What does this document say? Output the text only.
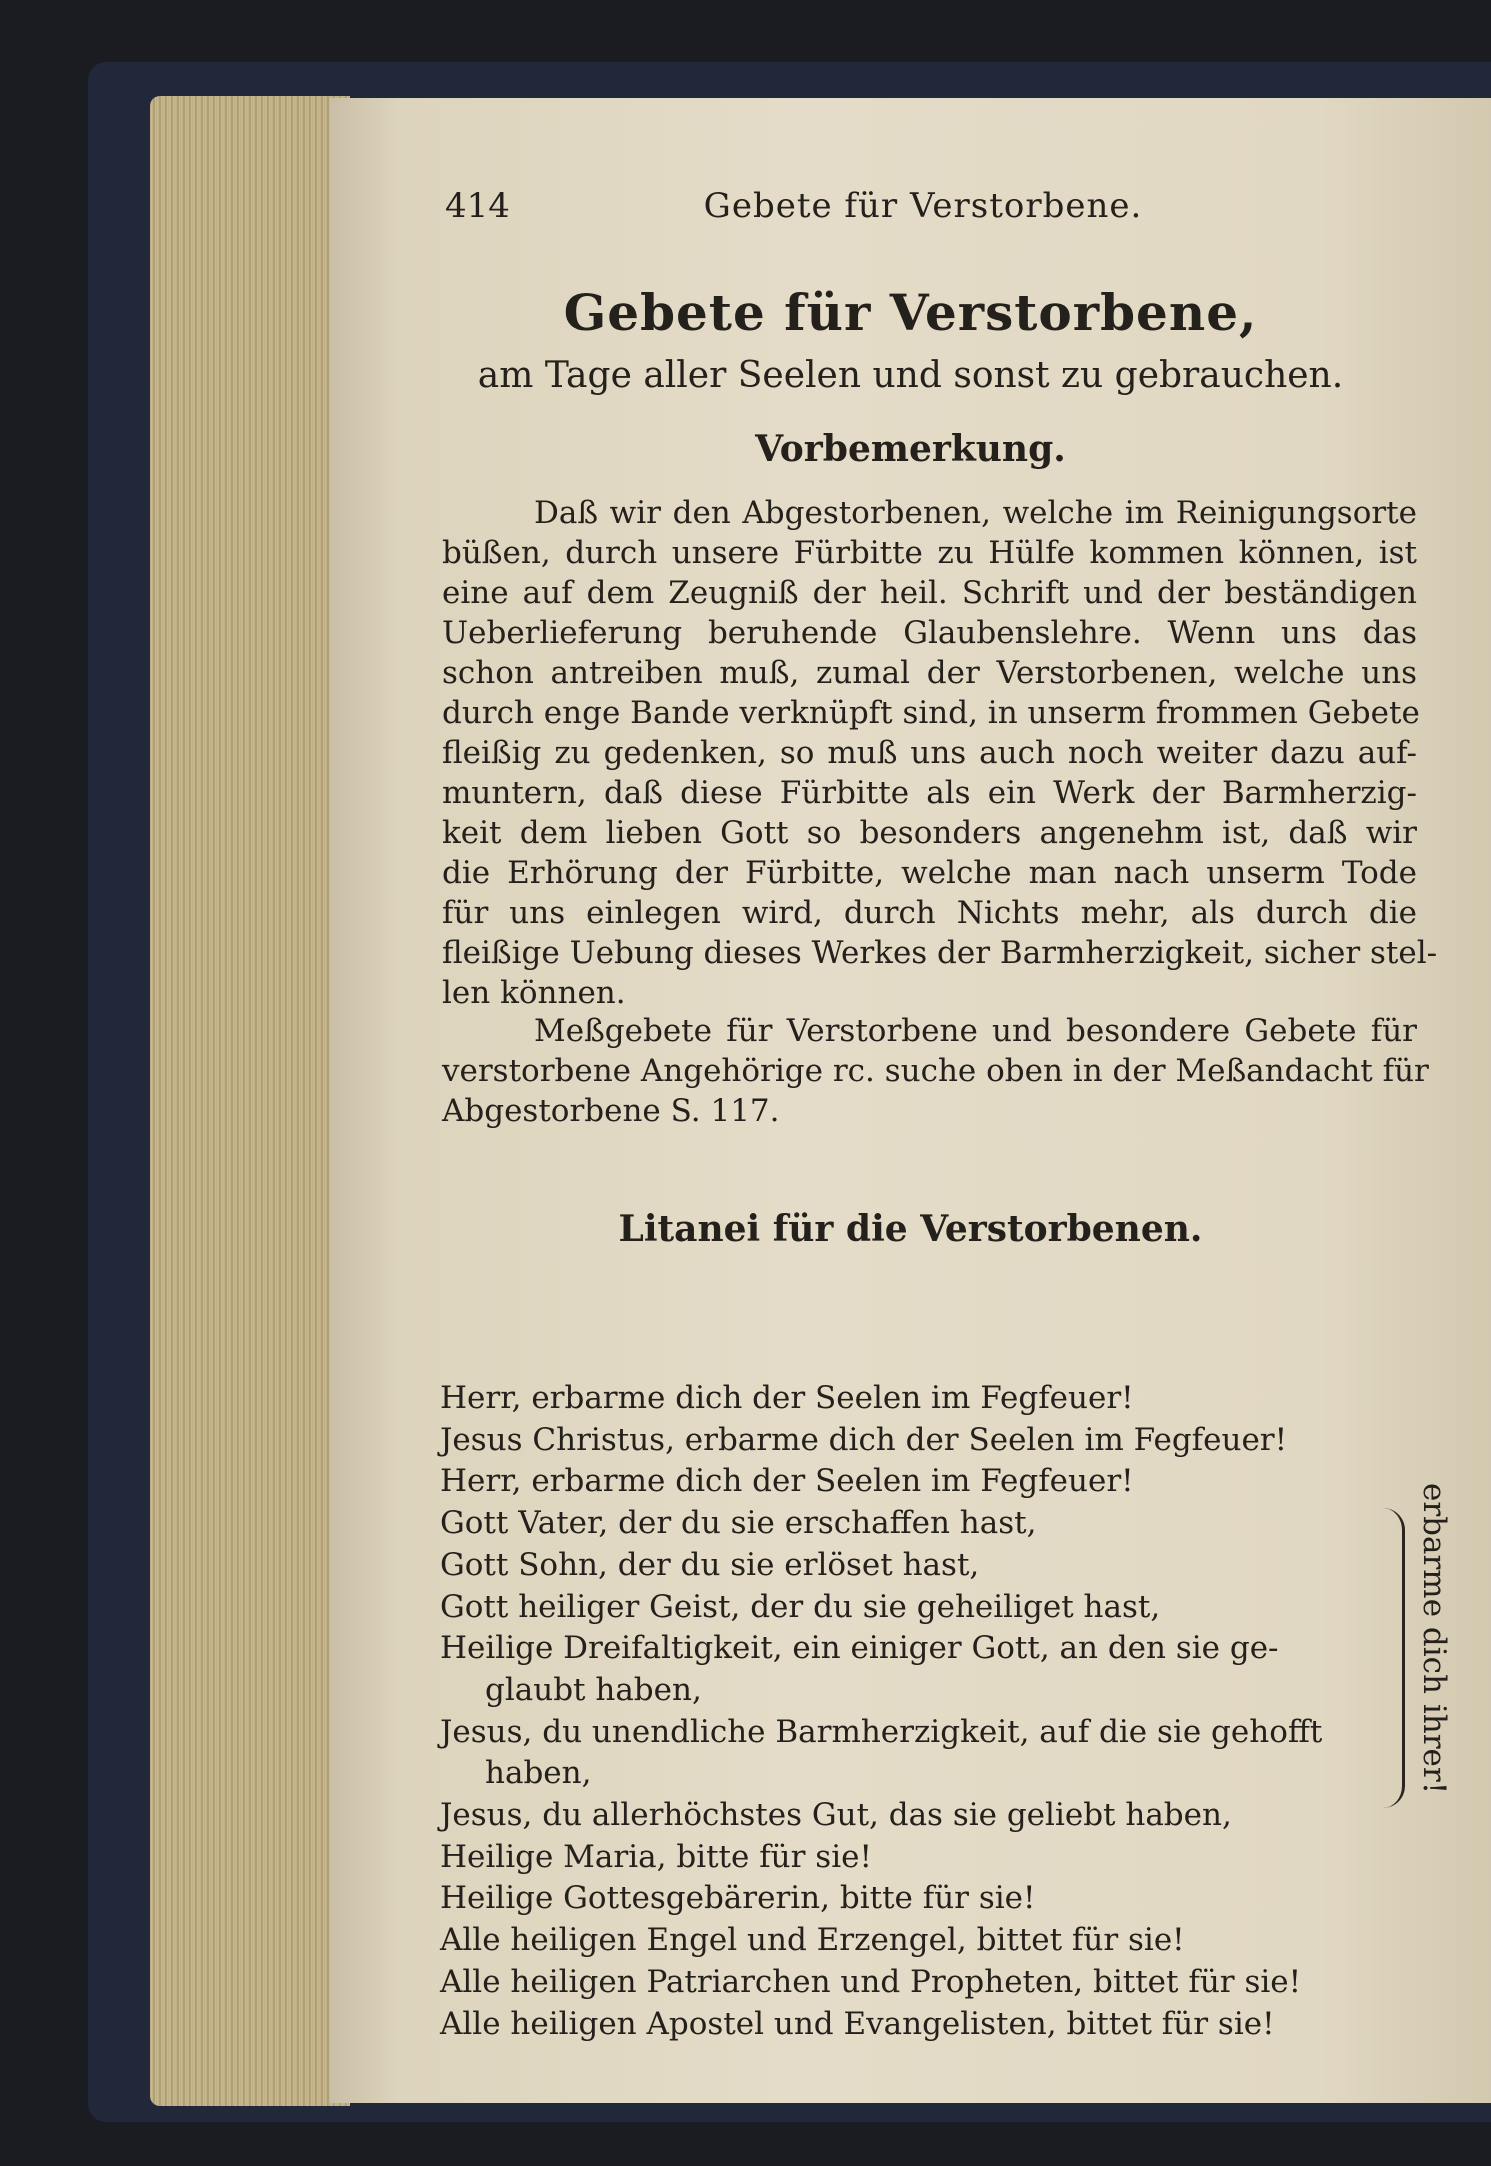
414	Gebete für Verstorbene.
Gebete für Verstorbene,
am Tage aller Seelen und sonst zu gebrauchen.
Vorbemerkung.
Daß wir den Abgestorbenen, welche im Reinigungsorte
büßen, durch unsere Fürbitte zu Hülfe kommen können, ist
eine auf dem Zeugniß der heil. Schrift und der beständigen
Ueberlieferung beruhende Glaubenslehre. Wenn uns das
schon antreiben muß, zumal der Verstorbenen, welche uns
durch enge Bande verknüpft sind, in unserm frommen Gebete
fleißig zu gedenken, so muß uns auch noch weiter dazu auf-
muntern, daß diese Fürbitte als ein Werk der Barmherzig-
keit dem lieben Gott so besonders angenehm ist, daß wir
die Erhörung der Fürbitte, welche man nach unserm Tode
für uns einlegen wird, durch Nichts mehr, als durch die
fleißige Uebung dieses Werkes der Barmherzigkeit, sicher stel-
len können.
Meßgebete für Verstorbene und besondere Gebete für
verstorbene Angehörige rc. suche oben in der Meßandacht für
Abgestorbene S. 117.
Litanei für die Verstorbenen.
Herr, erbarme dich der Seelen im Fegfeuer!
Jesus Christus, erbarme dich der Seelen im Fegfeuer!
Herr, erbarme dich der Seelen im Fegfeuer!
Gott Vater, der du sie erschaffen hast,
Gott Sohn, der du sie erlöset hast,
Gott heiliger Geist, der du sie geheiliget hast,
Heilige Dreifaltigkeit, ein einiger Gott, an den sie ge-
glaubt haben,
Jesus, du unendliche Barmherzigkeit, auf die sie gehofft
haben,
Jesus, du allerhöchstes Gut, das sie geliebt haben,
Heilige Maria, bitte für sie!
Heilige Gottesgebärerin, bitte für sie!
Alle heiligen Engel und Erzengel, bittet für sie!
Alle heiligen Patriarchen und Propheten, bittet für sie!
Alle heiligen Apostel und Evangelisten, bittet für sie!
erbarme dich ihrer!
